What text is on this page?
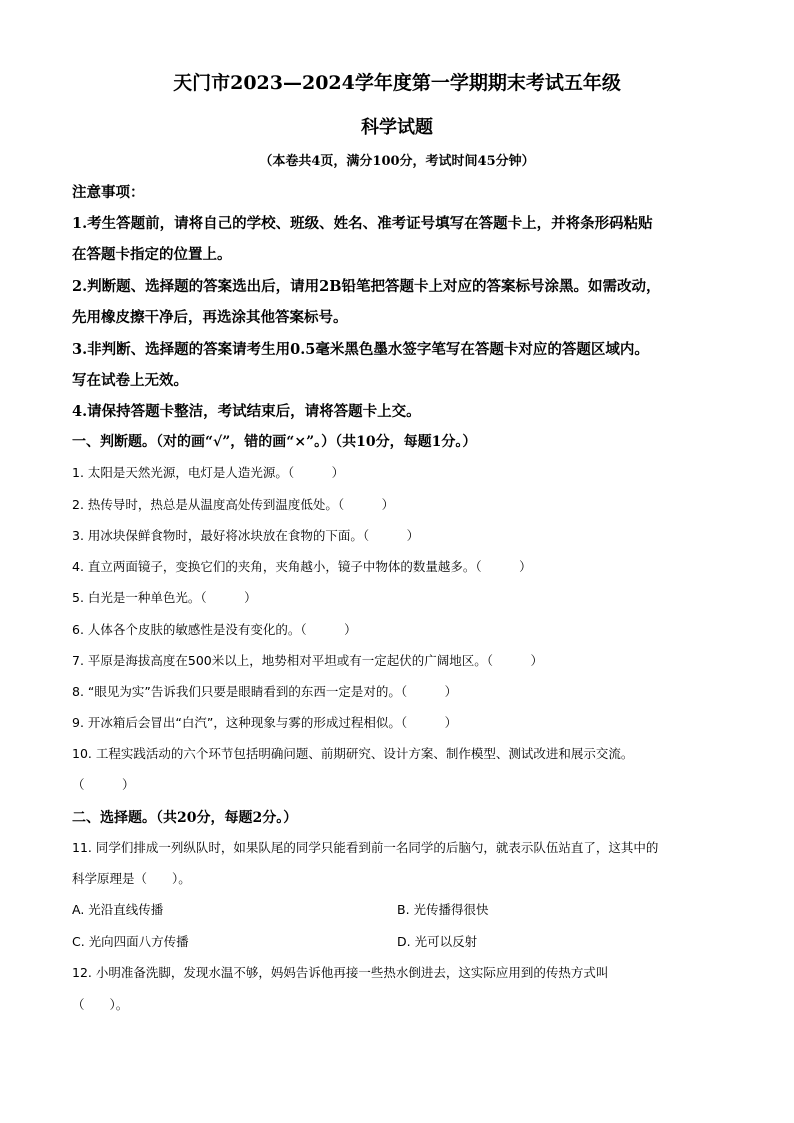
天门市2023—2024学年度第一学期期末考试五年级
科学试题
（本卷共4页，满分100分，考试时间45分钟）
注意事项：
1.考生答题前，请将自己的学校、班级、姓名、准考证号填写在答题卡上，并将条形码粘贴
在答题卡指定的位置上。
2.判断题、选择题的答案选出后，请用2B铅笔把答题卡上对应的答案标号涂黑。如需改动，
先用橡皮擦干净后，再选涂其他答案标号。
3.非判断、选择题的答案请考生用0.5毫米黑色墨水签字笔写在答题卡对应的答题区域内。
写在试卷上无效。
4.请保持答题卡整洁，考试结束后，请将答题卡上交。
一、判断题。（对的画“√”，错的画“×”。）（共10分，每题1分。）
1. 太阳是天然光源，电灯是人造光源。（　　　）
2. 热传导时，热总是从温度高处传到温度低处。（　　　）
3. 用冰块保鲜食物时，最好将冰块放在食物的下面。（　　　）
4. 直立两面镜子，变换它们的夹角，夹角越小，镜子中物体的数量越多。（　　　）
5. 白光是一种单色光。（　　　）
6. 人体各个皮肤的敏感性是没有变化的。（　　　）
7. 平原是海拔高度在500米以上，地势相对平坦或有一定起伏的广阔地区。（　　　）
8. “眼见为实”告诉我们只要是眼睛看到的东西一定是对的。（　　　）
9. 开冰箱后会冒出“白汽”，这种现象与雾的形成过程相似。（　　　）
10. 工程实践活动的六个环节包括明确问题、前期研究、设计方案、制作模型、测试改进和展示交流。
（　　　）
二、选择题。（共20分，每题2分。）
11. 同学们排成一列纵队时，如果队尾的同学只能看到前一名同学的后脑勺，就表示队伍站直了，这其中的
科学原理是（　　）。
A. 光沿直线传播	B. 光传播得很快
C. 光向四面八方传播	D. 光可以反射
12. 小明准备洗脚，发现水温不够，妈妈告诉他再接一些热水倒进去，这实际应用到的传热方式叫
（　　）。
